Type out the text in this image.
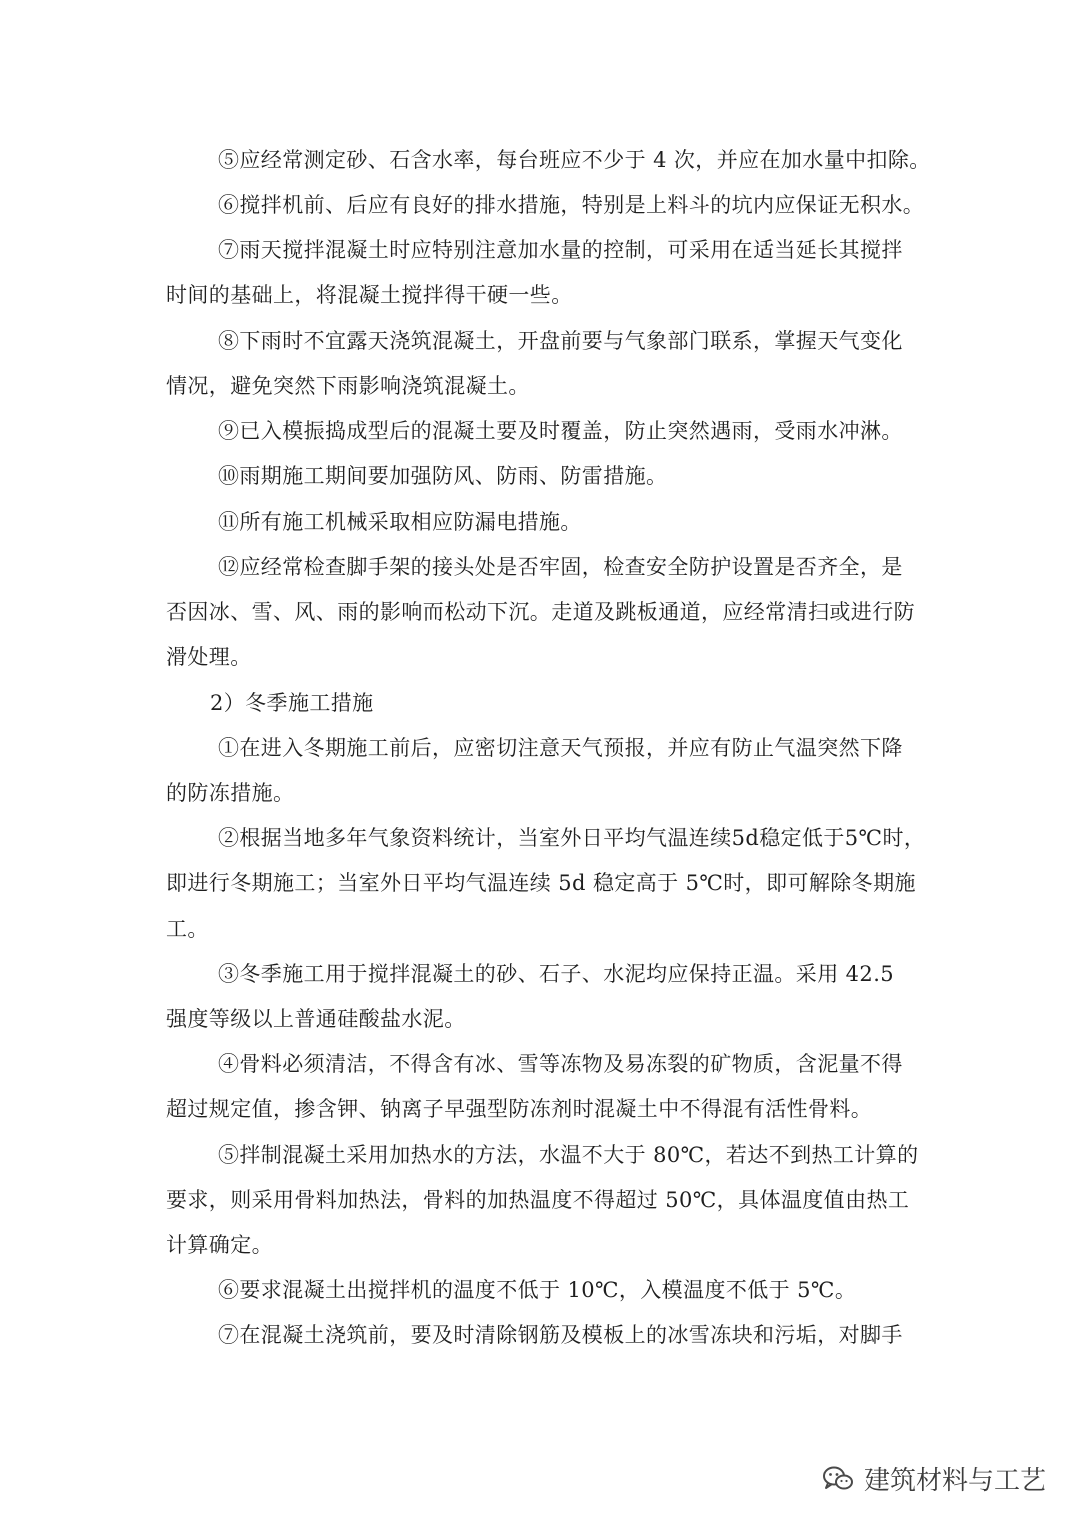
⑤应经常测定砂、石含水率，每台班应不少于 4 次，并应在加水量中扣除。
⑥搅拌机前、后应有良好的排水措施，特别是上料斗的坑内应保证无积水。
⑦雨天搅拌混凝土时应特别注意加水量的控制，可采用在适当延长其搅拌
时间的基础上，将混凝土搅拌得干硬一些。
⑧下雨时不宜露天浇筑混凝土，开盘前要与气象部门联系，掌握天气变化
情况，避免突然下雨影响浇筑混凝土。
⑨已入模振捣成型后的混凝土要及时覆盖，防止突然遇雨，受雨水冲淋。
⑩雨期施工期间要加强防风、防雨、防雷措施。
⑪所有施工机械采取相应防漏电措施。
⑫应经常检查脚手架的接头处是否牢固，检查安全防护设置是否齐全，是
否因冰、雪、风、雨的影响而松动下沉。走道及跳板通道，应经常清扫或进行防
滑处理。
2）冬季施工措施
①在进入冬期施工前后，应密切注意天气预报，并应有防止气温突然下降
的防冻措施。
②根据当地多年气象资料统计，当室外日平均气温连续5d稳定低于5℃时，
即进行冬期施工；当室外日平均气温连续 5d 稳定高于 5℃时，即可解除冬期施
工。
③冬季施工用于搅拌混凝土的砂、石子、水泥均应保持正温。采用 42.5
强度等级以上普通硅酸盐水泥。
④骨料必须清洁，不得含有冰、雪等冻物及易冻裂的矿物质，含泥量不得
超过规定值，掺含钾、钠离子早强型防冻剂时混凝土中不得混有活性骨料。
⑤拌制混凝土采用加热水的方法，水温不大于 80℃，若达不到热工计算的
要求，则采用骨料加热法，骨料的加热温度不得超过 50℃，具体温度值由热工
计算确定。
⑥要求混凝土出搅拌机的温度不低于 10℃，入模温度不低于 5℃。
⑦在混凝土浇筑前，要及时清除钢筋及模板上的冰雪冻块和污垢，对脚手
建筑材料与工艺
